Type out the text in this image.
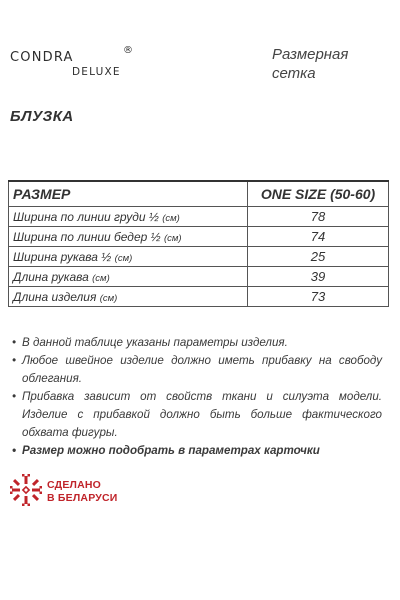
condra	®
DELUXE
Размерная сетка
БЛУЗКА
РАЗМЕР	ONE SIZE (50-60)
Ширина по линии груди ½ (см)	78
Ширина по линии бедер ½ (см)	74
Ширина рукава ½ (см)	25
Длина рукава (см)	39
Длина изделия (см)	73
• В данной таблице указаны параметры изделия.
• Любое швейное изделие должно иметь прибавку на свободу облегания.
• Прибавка зависит от свойств ткани и силуэта модели. Изделие с прибавкой должно быть больше фактического обхвата фигуры.
• Размер можно подобрать в параметрах карточки
СДЕЛАНО
В БЕЛАРУСИ
